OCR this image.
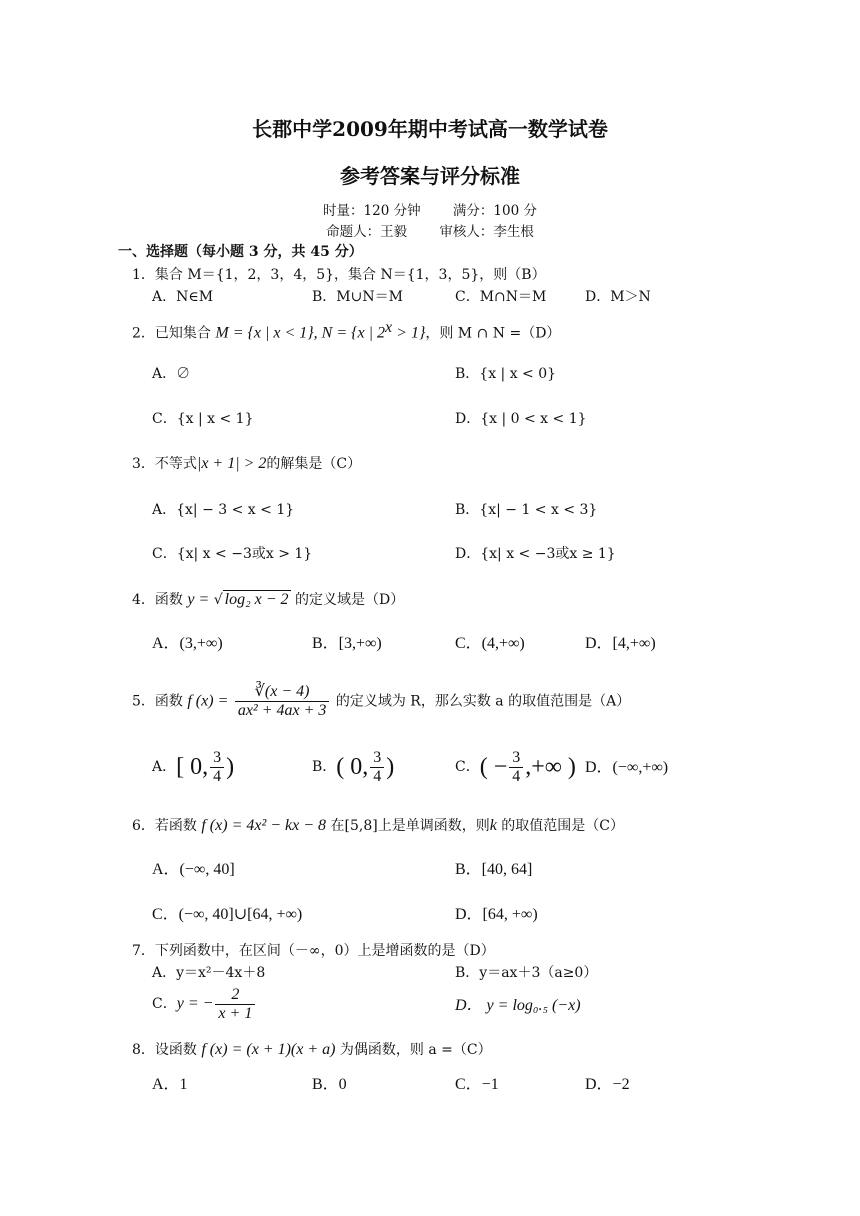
长郡中学2009年期中考试高一数学试卷
参考答案与评分标准
时量：120 分钟 满分：100 分
命题人：王毅 审核人：李生根
一、选择题（每小题 3 分，共 45 分）
1．集合 M＝{1，2，3，4，5}，集合 N＝{1，3，5}，则（B）
A．N∈M	B．M∪N＝M	C．M∩N＝M	D．M＞N
2．已知集合 M = {x | x < 1}, N = {x | $2^x > 1$}，则 M ∩ N =（D）
A．∅	B．{x | x < 0}
C．{x | x < 1}	D．{x | 0 < x < 1}
3．不等式|x + 1| > 2的解集是（C）
A．{x| − 3 < x < 1}	B．{x| − 1 < x < 3}
C．{x| x < −3或x > 1}	D．{x| x < −3或x ≥ 1}
4．函数 y = √ log₂ x − 2 的定义域是（D）
A．(3,+∞)	B．[3,+∞)	C．(4,+∞)	D．[4,+∞)
5．函数 f $(x) = \frac{∛(x - 4)}{\text{ax² + 4ax + 3}}$ 的定义域为 R，那么实数 a 的取值范围是（A）
A．[ 0, $\frac{3}{4}$ )	B．( 0, $\frac{3}{4}$ )	C．( − $\frac{3}{4}$ ,+∞ ) D．(−∞,+∞)
6．若函数 f (x) = 4x² − kx − 8 在[5,8]上是单调函数，则k 的取值范围是（C）
A．(−∞, 40]	B．[40, 64]
C．(−∞, 40]∪[64, +∞)	D．[64, +∞)
7．下列函数中，在区间（－∞，0）上是增函数的是（D）
A．y＝x²－4x＋8	B．y＝ax＋3（a≥0）
C．y = − $\frac{2}{x + 1}$	D． y = log₀.₅ (−x)
8．设函数 f (x) = (x + 1)(x + a) 为偶函数，则 a =（C）
A．1	B．0	C．−1	D．−2
